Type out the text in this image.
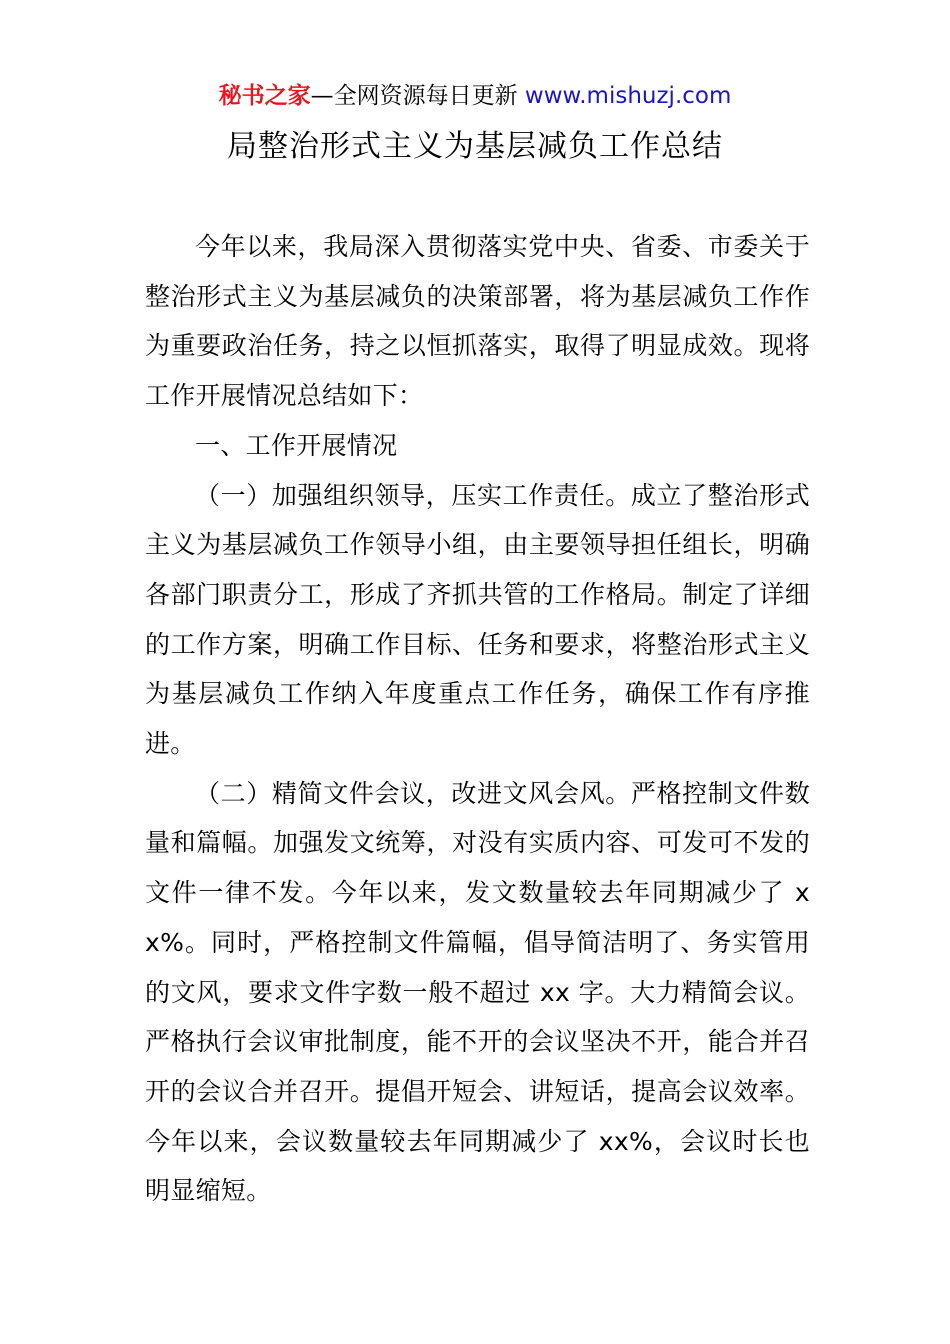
秘书之家—全网资源每日更新 www.mishuzj.com
局整治形式主义为基层减负工作总结

今年以来，我局深入贯彻落实党中央、省委、市委关于整治形式主义为基层减负的决策部署，将为基层减负工作作为重要政治任务，持之以恒抓落实，取得了明显成效。现将工作开展情况总结如下：

一、工作开展情况

（一）加强组织领导，压实工作责任。成立了整治形式主义为基层减负工作领导小组，由主要领导担任组长，明确各部门职责分工，形成了齐抓共管的工作格局。制定了详细的工作方案，明确工作目标、任务和要求，将整治形式主义为基层减负工作纳入年度重点工作任务，确保工作有序推进。

（二）精简文件会议，改进文风会风。严格控制文件数量和篇幅。加强发文统筹，对没有实质内容、可发可不发的文件一律不发。今年以来，发文数量较去年同期减少了 xx%。同时，严格控制文件篇幅，倡导简洁明了、务实管用的文风，要求文件字数一般不超过 xx 字。大力精简会议。严格执行会议审批制度，能不开的会议坚决不开，能合并召开的会议合并召开。提倡开短会、讲短话，提高会议效率。今年以来，会议数量较去年同期减少了 xx%，会议时长也明显缩短。
